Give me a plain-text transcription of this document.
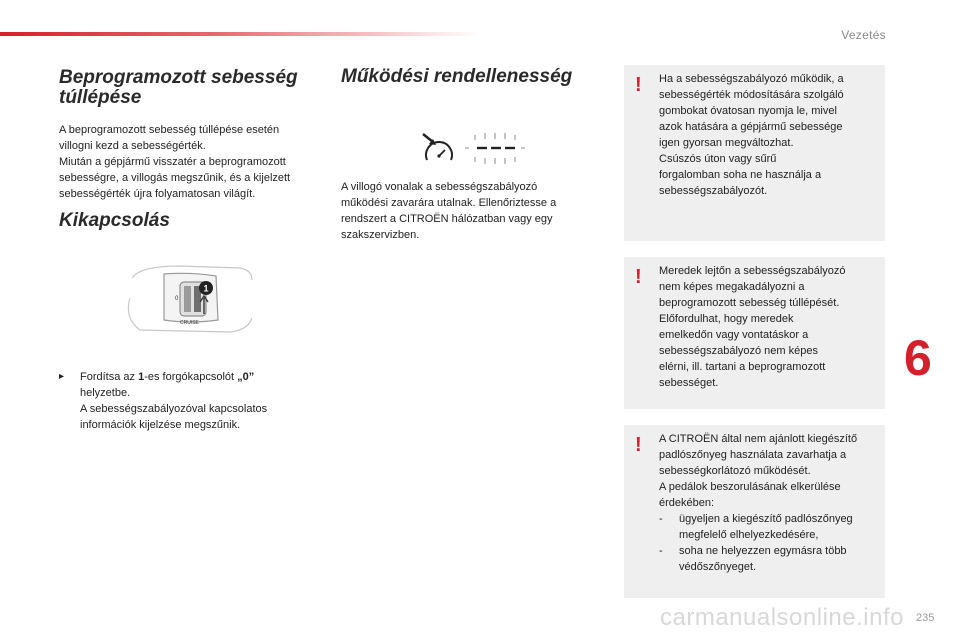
Vezetés
Beprogramozott sebesség
túllépése

A beprogramozott sebesség túllépése esetén

villogni kezd a sebességérték.

Miután a gépjármű visszatér a beprogramozott

sebességre, a villogás megszűnik, és a kijelzett

sebességérték újra folyamatosan világít.

Kikapcsolás
0
1
CRUISE
▸ Fordítsa az 1-es forgókapcsolót „0”

helyzetbe.

A sebességszabályozóval kapcsolatos

információk kijelzése megszűnik.

Működési rendellenesség

A villogó vonalak a sebességszabályozó

működési zavarára utalnak. Ellenőriztesse a

rendszert a CITROËN hálózatban vagy egy

szakszervizben.

! Ha a sebességszabályozó működik, a

sebességérték módosítására szolgáló

gombokat óvatosan nyomja le, mivel

azok hatására a gépjármű sebessége

igen gyorsan megváltozhat.

Csúszós úton vagy sűrű

forgalomban soha ne használja a

sebességszabályozót.

! Meredek lejtőn a sebességszabályozó

nem képes megakadályozni a

beprogramozott sebesség túllépését.

Előfordulhat, hogy meredek

emelkedőn vagy vontatáskor a

sebességszabályozó nem képes

elérni, ill. tartani a beprogramozott

sebességet.

! A CITROËN által nem ajánlott kiegészítő

padlószőnyeg használata zavarhatja a

sebességkorlátozó működését.

A pedálok beszorulásának elkerülése

érdekében:

- ügyeljen a kiegészítő padlószőnyeg
megfelelő elhelyezkedésére,
- soha ne helyezzen egymásra több
védőszőnyeget.
6
carmanualsonline.info 235
